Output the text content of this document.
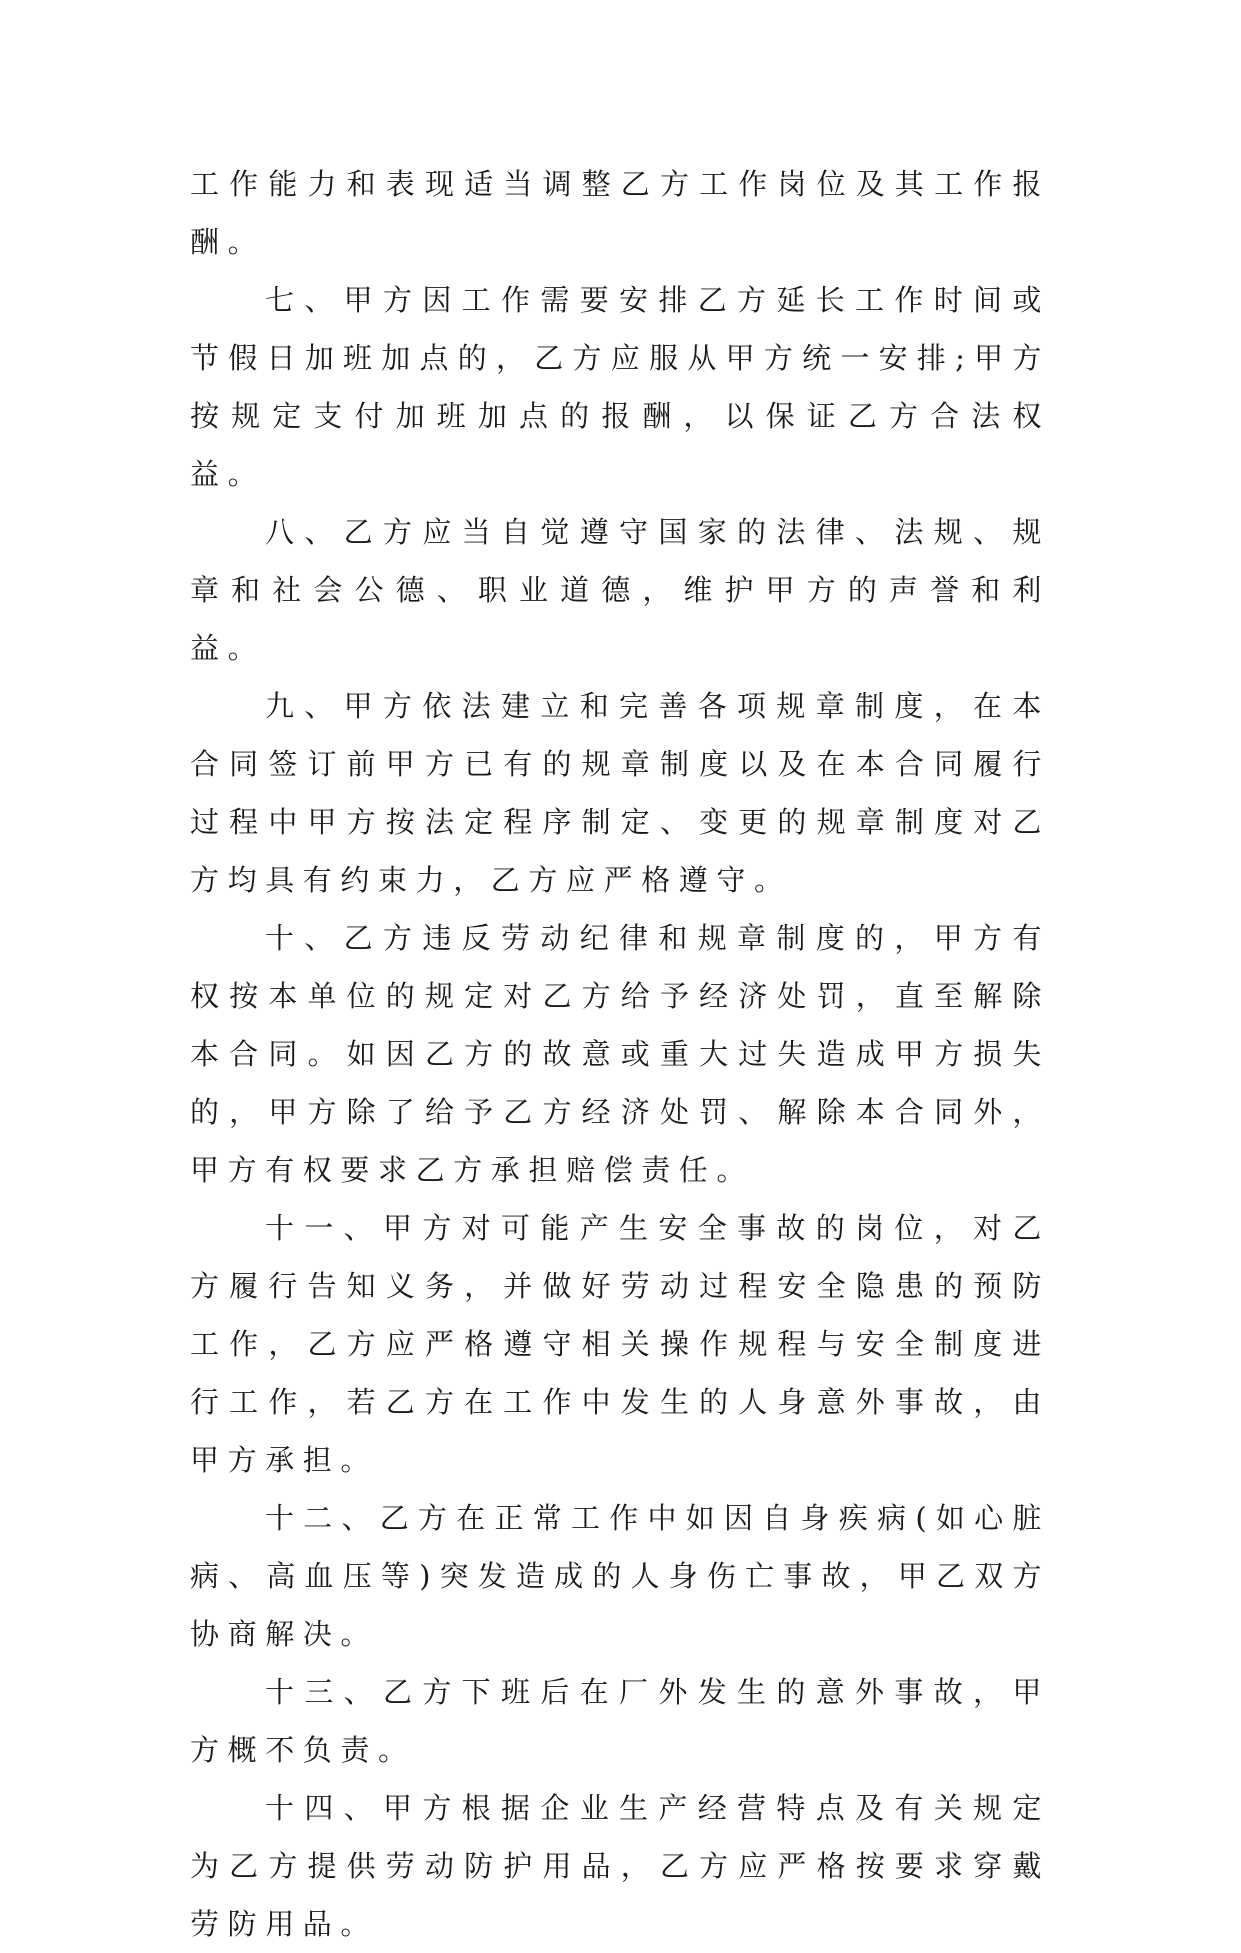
工作能力和表现适当调整乙方工作岗位及其工作报酬。

七、甲方因工作需要安排乙方延长工作时间或节假日加班加点的，乙方应服从甲方统一安排;甲方按规定支付加班加点的报酬，以保证乙方合法权益。

八、乙方应当自觉遵守国家的法律、法规、规章和社会公德、职业道德，维护甲方的声誉和利益。

九、甲方依法建立和完善各项规章制度，在本合同签订前甲方已有的规章制度以及在本合同履行过程中甲方按法定程序制定、变更的规章制度对乙方均具有约束力，乙方应严格遵守。

十、乙方违反劳动纪律和规章制度的，甲方有权按本单位的规定对乙方给予经济处罚，直至解除本合同。如因乙方的故意或重大过失造成甲方损失的，甲方除了给予乙方经济处罚、解除本合同外，甲方有权要求乙方承担赔偿责任。

十一、甲方对可能产生安全事故的岗位，对乙方履行告知义务，并做好劳动过程安全隐患的预防工作，乙方应严格遵守相关操作规程与安全制度进行工作，若乙方在工作中发生的人身意外事故，由甲方承担。

十二、乙方在正常工作中如因自身疾病(如心脏病、高血压等)突发造成的人身伤亡事故，甲乙双方协商解决。

十三、乙方下班后在厂外发生的意外事故，甲方概不负责。

十四、甲方根据企业生产经营特点及有关规定为乙方提供劳动防护用品，乙方应严格按要求穿戴劳防用品。
